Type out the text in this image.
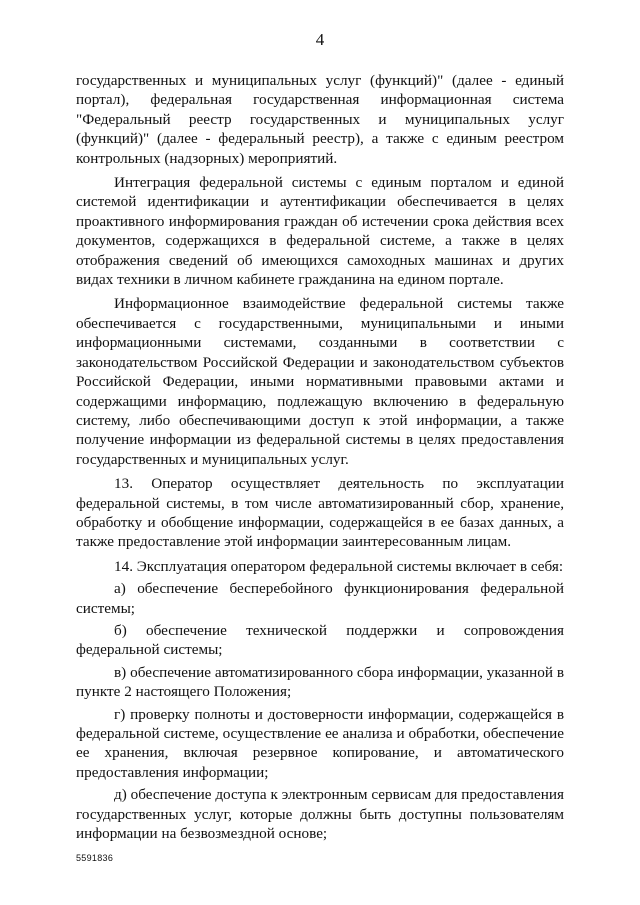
4

государственных и муниципальных услуг (функций)" (далее - единый портал), федеральная государственная информационная система "Федеральный реестр государственных и муниципальных услуг (функций)" (далее - федеральный реестр), а также с единым реестром контрольных (надзорных) мероприятий.

Интеграция федеральной системы с единым порталом и единой системой идентификации и аутентификации обеспечивается в целях проактивного информирования граждан об истечении срока действия всех документов, содержащихся в федеральной системе, а также в целях отображения сведений об имеющихся самоходных машинах и других видах техники в личном кабинете гражданина на едином портале.

Информационное взаимодействие федеральной системы также обеспечивается с государственными, муниципальными и иными информационными системами, созданными в соответствии с законодательством Российской Федерации и законодательством субъектов Российской Федерации, иными нормативными правовыми актами и содержащими информацию, подлежащую включению в федеральную систему, либо обеспечивающими доступ к этой информации, а также получение информации из федеральной системы в целях предоставления государственных и муниципальных услуг.

13. Оператор осуществляет деятельность по эксплуатации федеральной системы, в том числе автоматизированный сбор, хранение, обработку и обобщение информации, содержащейся в ее базах данных, а также предоставление этой информации заинтересованным лицам.

14. Эксплуатация оператором федеральной системы включает в себя:

а) обеспечение бесперебойного функционирования федеральной системы;

б) обеспечение технической поддержки и сопровождения федеральной системы;

в) обеспечение автоматизированного сбора информации, указанной в пункте 2 настоящего Положения;

г) проверку полноты и достоверности информации, содержащейся в федеральной системе, осуществление ее анализа и обработки, обеспечение ее хранения, включая резервное копирование, и автоматического предоставления информации;

д) обеспечение доступа к электронным сервисам для предоставления государственных услуг, которые должны быть доступны пользователям информации на безвозмездной основе;

5591836
